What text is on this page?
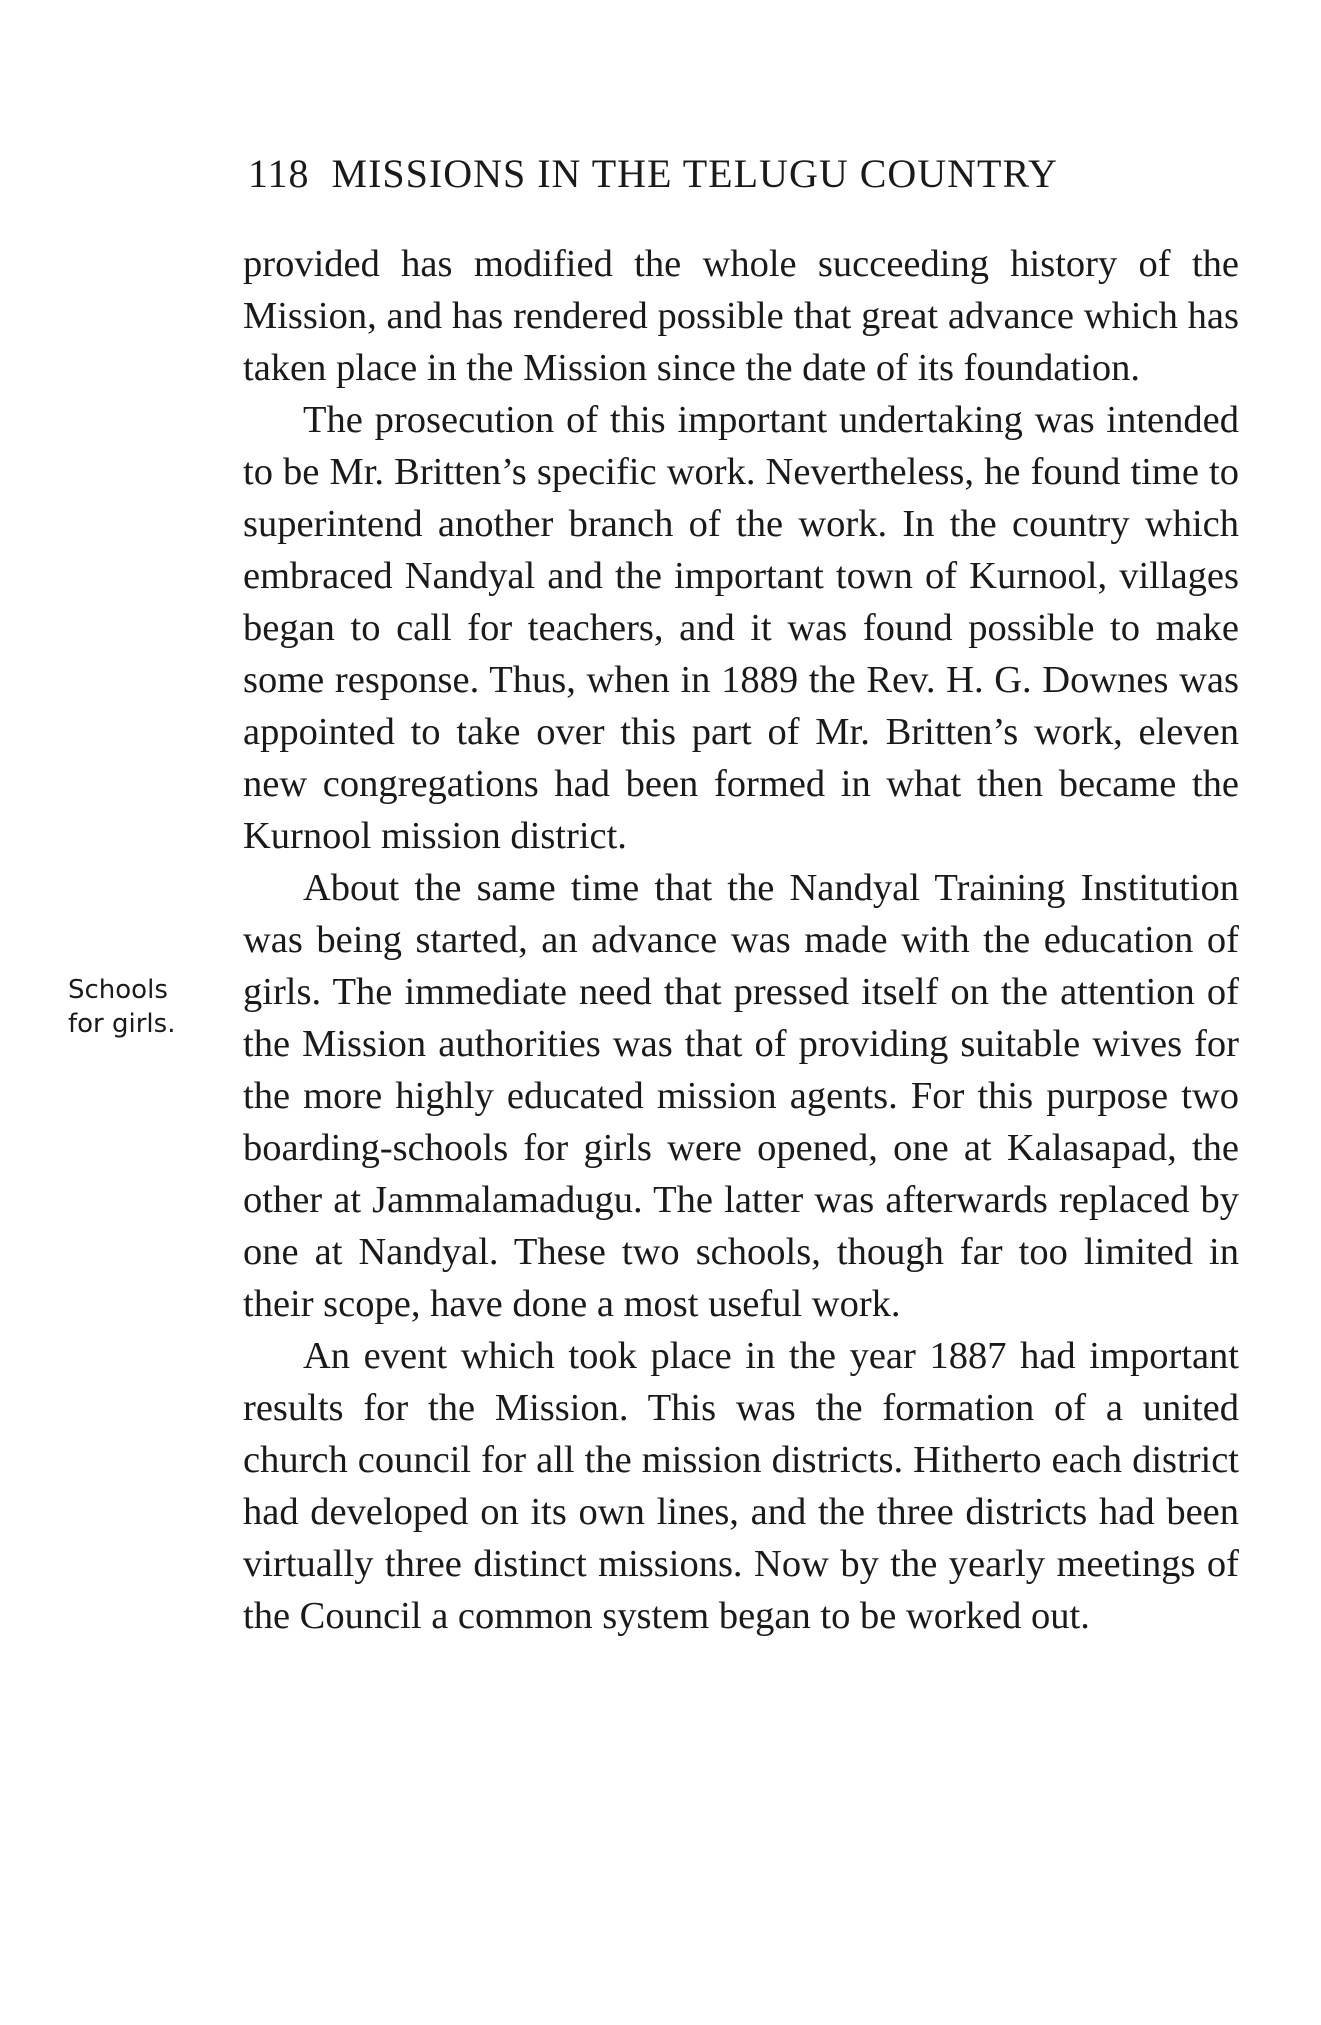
118 MISSIONS IN THE TELUGU COUNTRY
Schools
for girls.

provided has modified the whole succeeding history of the Mission, and has rendered possible that great advance which has taken place in the Mission since the date of its foundation.

The prosecution of this important undertaking was intended to be Mr. Britten’s specific work. Nevertheless, he found time to superintend another branch of the work. In the country which embraced Nandyal and the important town of Kurnool, villages began to call for teachers, and it was found possible to make some response. Thus, when in 1889 the Rev. H. G. Downes was appointed to take over this part of Mr. Britten’s work, eleven new congregations had been formed in what then became the Kurnool mission district.

About the same time that the Nandyal Training Institution was being started, an advance was made with the education of girls. The immediate need that pressed itself on the attention of the Mission authorities was that of providing suitable wives for the more highly educated mission agents. For this purpose two boarding-schools for girls were opened, one at Kalasapad, the other at Jammalamadugu. The latter was afterwards replaced by one at Nandyal. These two schools, though far too limited in their scope, have done a most useful work.

An event which took place in the year 1887 had important results for the Mission. This was the formation of a united church council for all the mission districts. Hitherto each district had developed on its own lines, and the three districts had been virtually three distinct missions. Now by the yearly meetings of the Council a common system began to be worked out.
